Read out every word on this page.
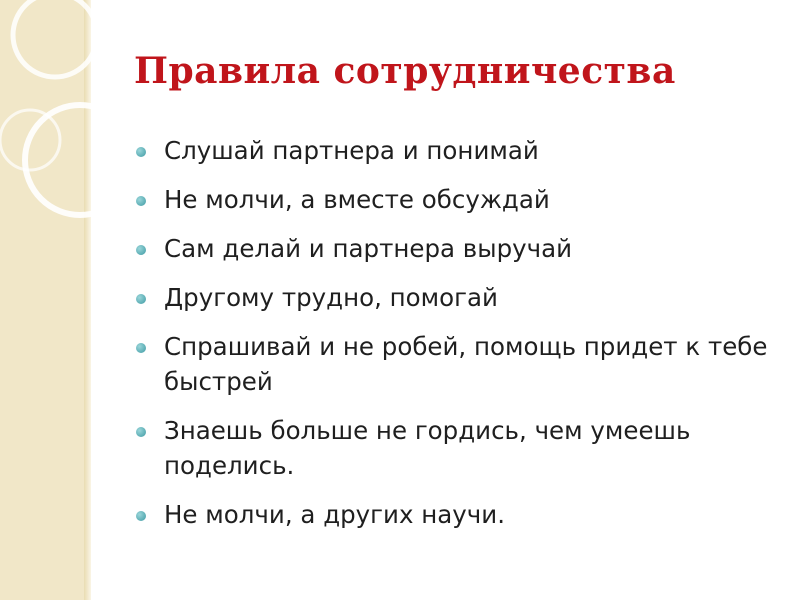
Правила сотрудничества
Слушай партнера и понимай
Не молчи, а вместе обсуждай
Сам делай и партнера выручай
Другому трудно, помогай
Спрашивай и не робей, помощь придет к тебе быстрей
Знаешь больше не гордись, чем умеешь поделись.
Не молчи, а других научи.
